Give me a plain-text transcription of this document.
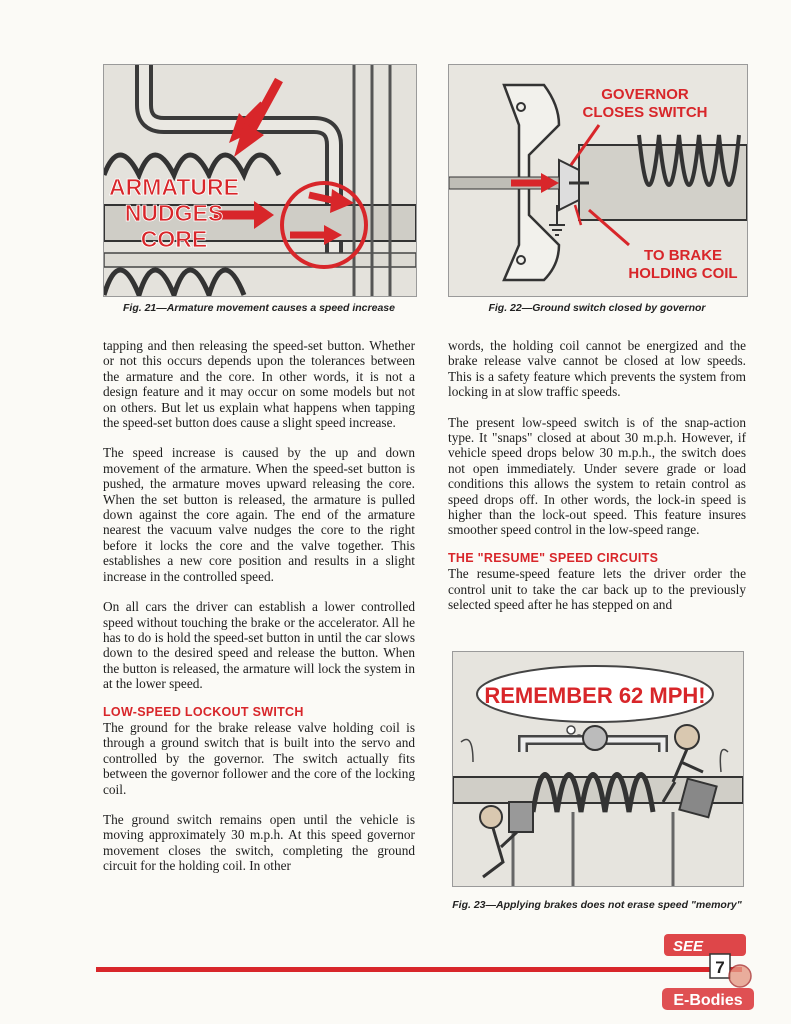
ARMATURE
NUDGES
CORE
Fig. 21—Armature movement causes a speed increase
GOVERNOR
CLOSES SWITCH
TO BRAKE
HOLDING COIL
Fig. 22—Ground switch closed by governor

tapping and then releasing the speed-set button. Whether or not this occurs depends upon the tolerances between the armature and the core. In other words, it is not a design feature and it may occur on some models but not on others. But let us explain what happens when tapping the speed-set button does cause a slight speed increase.

The speed increase is caused by the up and down movement of the armature. When the speed-set button is pushed, the armature moves upward releasing the core. When the set button is released, the armature is pulled down against the core again. The end of the armature nearest the vacuum valve nudges the core to the right before it locks the core and the valve together. This establishes a new core position and results in a slight increase in the controlled speed.

On all cars the driver can establish a lower controlled speed without touching the brake or the accelerator. All he has to do is hold the speed-set button in until the car slows down to the desired speed and release the button. When the button is released, the armature will lock the system in at the lower speed.

LOW-SPEED LOCKOUT SWITCH

The ground for the brake release valve holding coil is through a ground switch that is built into the servo and controlled by the governor. The switch actually fits between the governor follower and the core of the locking coil.

The ground switch remains open until the vehicle is moving approximately 30 m.p.h. At this speed governor movement closes the switch, completing the ground circuit for the holding coil. In other

words, the holding coil cannot be energized and the brake release valve cannot be closed at low speeds. This is a safety feature which prevents the system from locking in at slow traffic speeds.

The present low-speed switch is of the snap-action type. It "snaps" closed at about 30 m.p.h. However, if vehicle speed drops below 30 m.p.h., the switch does not open immediately. Under severe grade or load conditions this allows the system to retain control as speed drops off. In other words, the lock-in speed is higher than the lock-out speed. This feature insures smoother speed control in the low-speed range.

THE "RESUME" SPEED CIRCUITS

The resume-speed feature lets the driver order the control unit to take the car back up to the previously selected speed after he has stepped on and

REMEMBER 62 MPH!
Fig. 23—Applying brakes does not erase speed "memory"
SEE
7
E-Bodies
